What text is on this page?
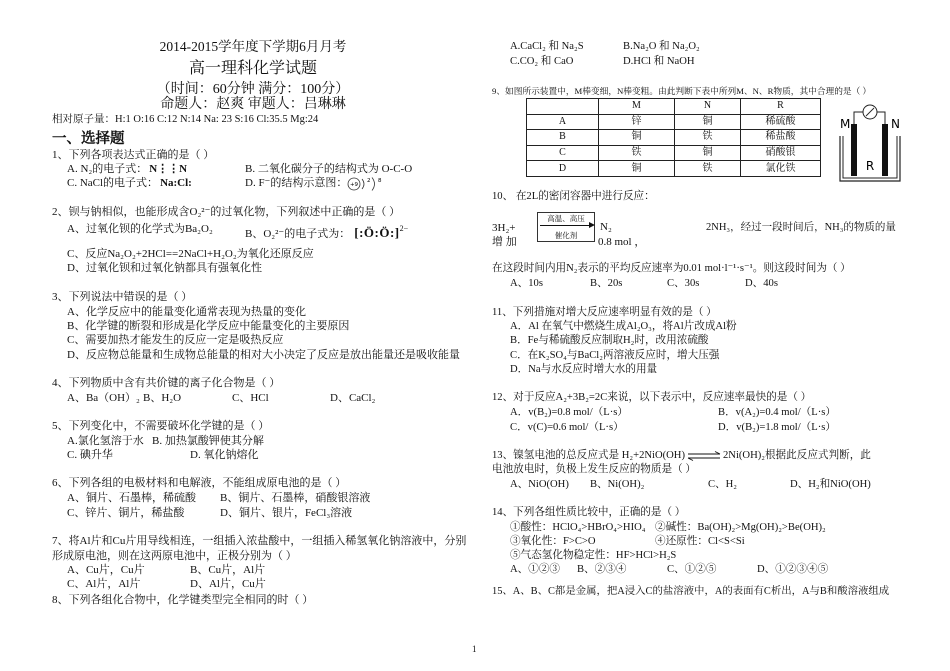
2014-2015学年度下学期6月月考
高一理科化学试题
（时间：60分钟 满分：100分）
命题人：赵爽 审题人：吕琳琳
相对原子量：H:1 O:16 C:12 N:14 Na: 23 S:16 Cl:35.5 Mg:24
一、选择题
1、下列各项表达式正确的是（ ）
A. N₂的电子式： N⋮⋮N	B. 二氧化碳分子的结构式为 O-C-O
C. NaCl的电子式： Na:Cl:	D. F⁻的结构示意图： +9
2 8
2、钡与钠相似，也能形成含O₂²⁻的过氧化物，下列叙述中正确的是（ ）
A、过氧化钡的化学式为Ba₂O₂	B、O₂²⁻的电子式为： [:Ö:Ö:]$^{2-}$
C、反应Na₂O₂+2HCl==2NaCl+H₂O₂为氧化还原反应
D、过氧化钡和过氧化钠都具有强氧化性
3、下列说法中错误的是（ ）
A、化学反应中的能量变化通常表现为热量的变化
B、化学键的断裂和形成是化学反应中能量变化的主要原因
C、需要加热才能发生的反应一定是吸热反应
D、反应物总能量和生成物总能量的相对大小决定了反应是放出能量还是吸收能量
4、下列物质中含有共价键的离子化合物是（ ）
A、Ba（OH）₂ B、H₂O	C、HCl	D、CaCl₂
5、下列变化中，不需要破坏化学键的是（ ）
A.氯化氢溶于水 B. 加热氯酸钾使其分解
C. 碘升华	D. 氧化钠熔化
6、下列各组的电极材料和电解液，不能组成原电池的是（ ）
A、铜片、石墨棒，稀硫酸 B、铜片、石墨棒，硝酸银溶液
C、锌片、铜片，稀盐酸	D、铜片、银片，FeCl₃溶液
7、将Al片和Cu片用导线相连，一组插入浓盐酸中，一组插入稀氢氧化钠溶液中，分别
形成原电池，则在这两原电池中，正极分别为（ ）
A、Cu片，Cu片	B、Cu片，Al片
C、Al片，Al片	D、Al片，Cu片
8、下列各组化合物中，化学键类型完全相同的时（ ）
A.CaCl₂ 和 Na₂S	B.Na₂O 和 Na₂O₂
C.CO₂ 和 CaO	D.HCl 和 NaOH
9、如图所示装置中，M棒变细，N棒变粗。由此判断下表中所列M、N、R物质，其中合理的是（ ）
	M	N	R
A	锌	铜	稀硫酸
B	铜	铁	稀盐酸
C	铁	铜	硝酸银
D	铜	铁	氯化铁
M	N
R
10、 在2L的密闭容器中进行反应：
3H₂+
高温、高压
催化剂
N₂	2NH₃，经过一段时间后，NH₃的物质的量
增 加	0.8 mol ，
在这段时间内用N₂表示的平均反应速率为0.01 mol·l⁻¹·s⁻¹。则这段时间为（ ）
A、10s	B、20s	C、30s	D、40s
11、下列措施对增大反应速率明显有效的是（ ）
A．Al 在氧气中燃烧生成Al₂O₃，将Al片改成Al粉
B．Fe与稀硫酸反应制取H₂时，改用浓硫酸
C．在K₂SO₄与BaCl₂两溶液反应时，增大压强
D．Na与水反应时增大水的用量
12、对于反应A₂+3B₂=2C来说，以下表示中，反应速率最快的是（ ）
A．v(B₂)=0.8 mol/（L·s）	B．v(A₂)=0.4 mol/（L·s）
C．v(C)=0.6 mol/（L·s）	D．v(B₂)=1.8 mol/（L·s）
13、镍氢电池的总反应式是 H₂+2NiO(OH)⇌2Ni(OH)₂根据此反应式判断，此
电池放电时，负极上发生反应的物质是（ ）
A、NiO(OH) B、Ni(OH)₂	C、H₂	D、H₂和NiO(OH)
14、下列各组性质比较中，正确的是（ ）
①酸性：HClO₄>HBrO₄>HIO₄ ②碱性：Ba(OH)₂>Mg(OH)₂>Be(OH)₂
③氧化性：F>C>O	④还原性：Cl<S<Si
⑤气态氢化物稳定性：HF>HCl>H₂S
A、①②③ B、②③④	C、①②⑤	D、①②③④⑤
15、A、B、C都是金属，把A浸入C的盐溶液中，A的表面有C析出，A与B和酸溶液组成
1
